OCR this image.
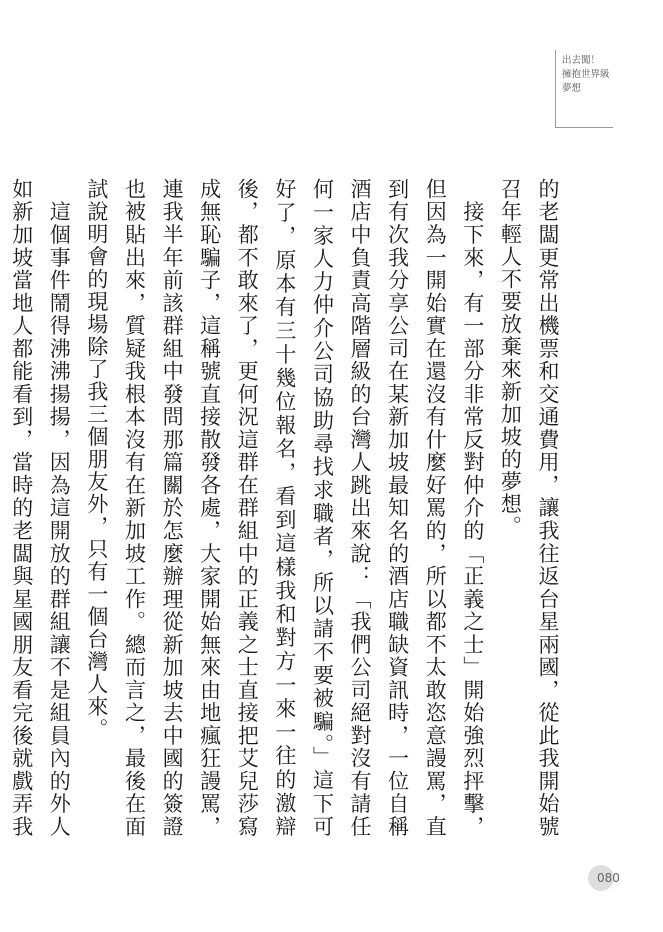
出去闖！
擁抱世界級
夢想

的老闆更常出機票和交通費用，讓我往返台星兩國，從此我開始號召年輕人不要放棄來新加坡的夢想。

　接下來，有一部分非常反對仲介的「正義之士」開始強烈抨擊，但因為一開始實在還沒有什麼好罵的，所以都不太敢恣意謾罵，直到有次我分享公司在某新加坡最知名的酒店職缺資訊時，一位自稱酒店中負責高階層級的台灣人跳出來說：「我們公司絕對沒有請任何一家人力仲介公司協助尋找求職者，所以請不要被騙。」這下可好了，原本有三十幾位報名，看到這樣我和對方一來一往的激辯後，都不敢來了，更何況這群在群組中的正義之士直接把艾兒莎寫成無恥騙子，這稱號直接散發各處，大家開始無來由地瘋狂謾罵，連我半年前該群組中發問那篇關於怎麼辦理從新加坡去中國的簽證也被貼出來，質疑我根本沒有在新加坡工作。總而言之，最後在面試說明會的現場除了我三個朋友外，只有一個台灣人來。

　這個事件鬧得沸沸揚揚，因為這開放的群組讓不是組員內的外人如新加坡當地人都能看到，當時的老闆與星國朋友看完後就戲弄我

080
